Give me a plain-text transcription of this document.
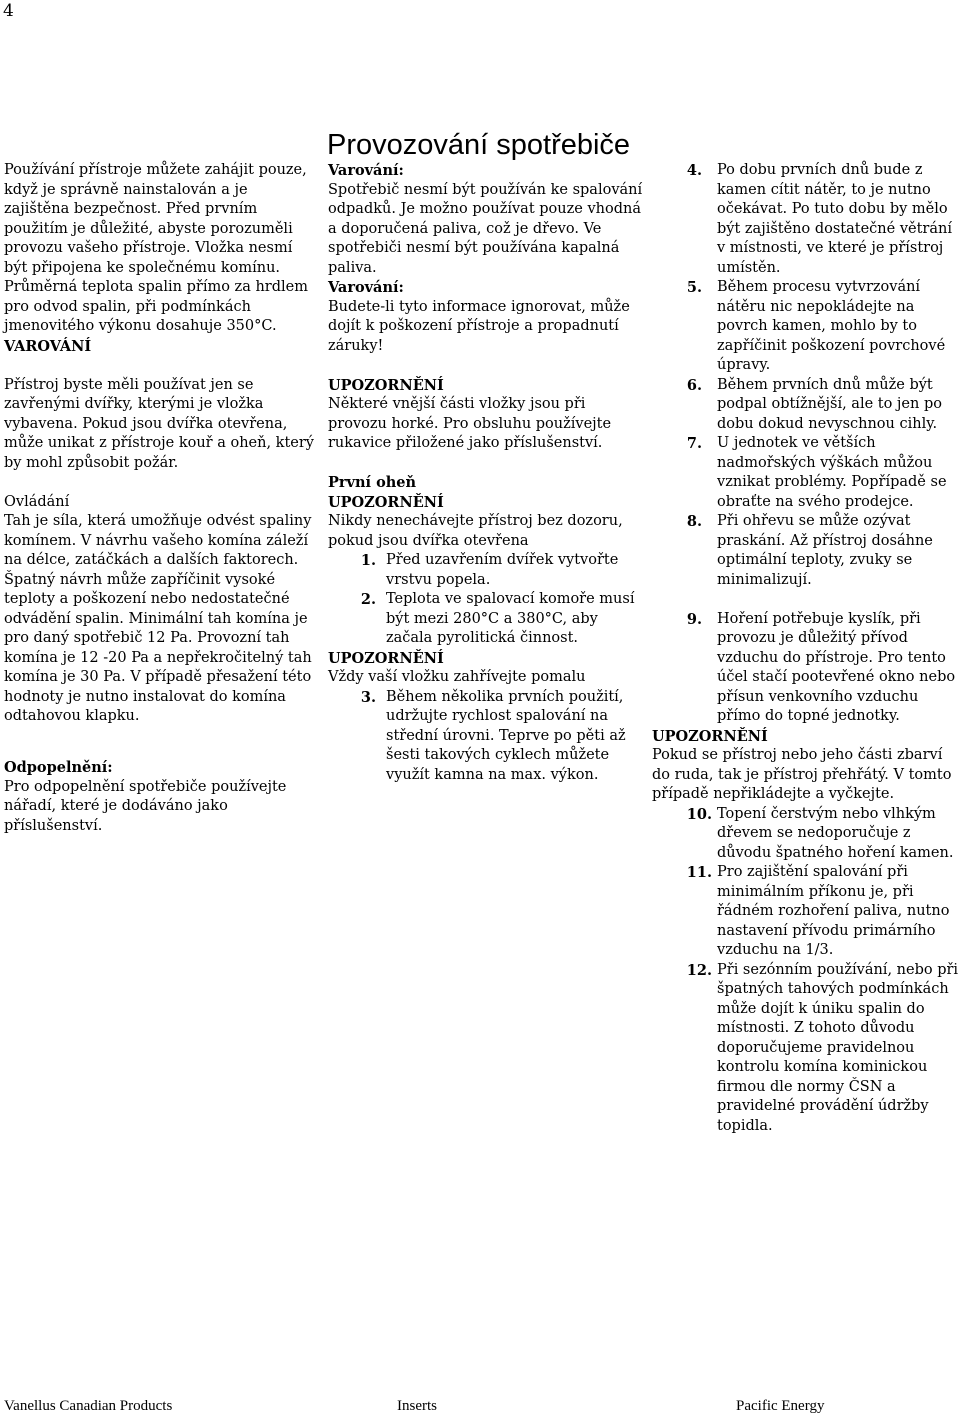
4
Provozování spotřebiče

Používání přístroje můžete zahájit pouze, když je správně nainstalován a je zajištěna bezpečnost. Před prvním použitím je důležité, abyste porozuměli provozu vašeho přístroje. Vložka nesmí být připojena ke společnému komínu. Průměrná teplota spalin přímo za hrdlem pro odvod spalin, při podmínkách jmenovitého výkonu dosahuje 350°C.

VAROVÁNÍ

Přístroj byste měli používat jen se zavřenými dvířky, kterými je vložka vybavena. Pokud jsou dvířka otevřena, může unikat z přístroje kouř a oheň, který by mohl způsobit požár.

Ovládání

Tah je síla, která umožňuje odvést spaliny komínem. V návrhu vašeho komína záleží na délce, zatáčkách a dalších faktorech. Špatný návrh může zapříčinit vysoké teploty a poškození nebo nedostatečné odvádění spalin. Minimální tah komína je pro daný spotřebič 12 Pa. Provozní tah komína je 12 -20 Pa a nepřekročitelný tah komína je 30 Pa. V případě přesažení této hodnoty je nutno instalovat do komína odtahovou klapku.

Odpopelnění:

Pro odpopelnění spotřebiče používejte nářadí, které je dodáváno jako příslušenství.

Varování:

Spotřebič nesmí být používán ke spalování odpadků. Je možno používat pouze vhodná a doporučená paliva, což je dřevo. Ve spotřebiči nesmí být používána kapalná paliva.

Varování:

Budete-li tyto informace ignorovat, může dojít k poškození přístroje a propadnutí záruky!

UPOZORNĚNÍ

Některé vnější části vložky jsou při provozu horké. Pro obsluhu používejte rukavice přiložené jako příslušenství.

První oheň

UPOZORNĚNÍ

Nikdy nenechávejte přístroj bez dozoru, pokud jsou dvířka otevřena

1. Před uzavřením dvířek vytvořte vrstvu popela.
2. Teplota ve spalovací komoře musí být mezi 280°C a 380°C, aby začala pyrolitická činnost.

UPOZORNĚNÍ

Vždy vaší vložku zahřívejte pomalu

3. Během několika prvních použití, udržujte rychlost spalování na střední úrovni. Teprve po pěti až šesti takových cyklech můžete využít kamna na max. výkon.
4.	Po dobu prvních dnů bude z kamen cítit nátěr, to je nutno očekávat. Po tuto dobu by mělo být zajištěno dostatečné větrání v místnosti, ve které je přístroj umístěn.
5.	Během procesu vytvrzování nátěru nic nepokládejte na povrch kamen, mohlo by to zapříčinit poškození povrchové úpravy.
6.	Během prvních dnů může být podpal obtížnější, ale to jen po dobu dokud nevyschnou cihly.
7.	U jednotek ve větších nadmořských výškách můžou vznikat problémy. Popřípadě se obraťte na svého prodejce.
8.	Při ohřevu se může ozývat praskání. Až přístroj dosáhne optimální teploty, zvuky se minimalizují.
9.	Hoření potřebuje kyslík, při provozu je důležitý přívod vzduchu do přístroje. Pro tento účel stačí pootevřené okno nebo přísun venkovního vzduchu přímo do topné jednotky.

UPOZORNĚNÍ

Pokud se přístroj nebo jeho části zbarví do ruda, tak je přístroj přehřátý. V tomto případě nepřikládejte a vyčkejte.

10. Topení čerstvým nebo vlhkým dřevem se nedoporučuje z důvodu špatného hoření kamen.
11. Pro zajištění spalování při minimálním příkonu je, při řádném rozhoření paliva, nutno nastavení přívodu primárního vzduchu na 1/3.
12. Při sezónním používání, nebo při špatných tahových podmínkách může dojít k úniku spalin do místnosti. Z tohoto důvodu doporučujeme pravidelnou kontrolu komína kominickou firmou dle normy ČSN a pravidelné provádění údržby topidla.
Vanellus Canadian Products	Inserts	Pacific Energy
